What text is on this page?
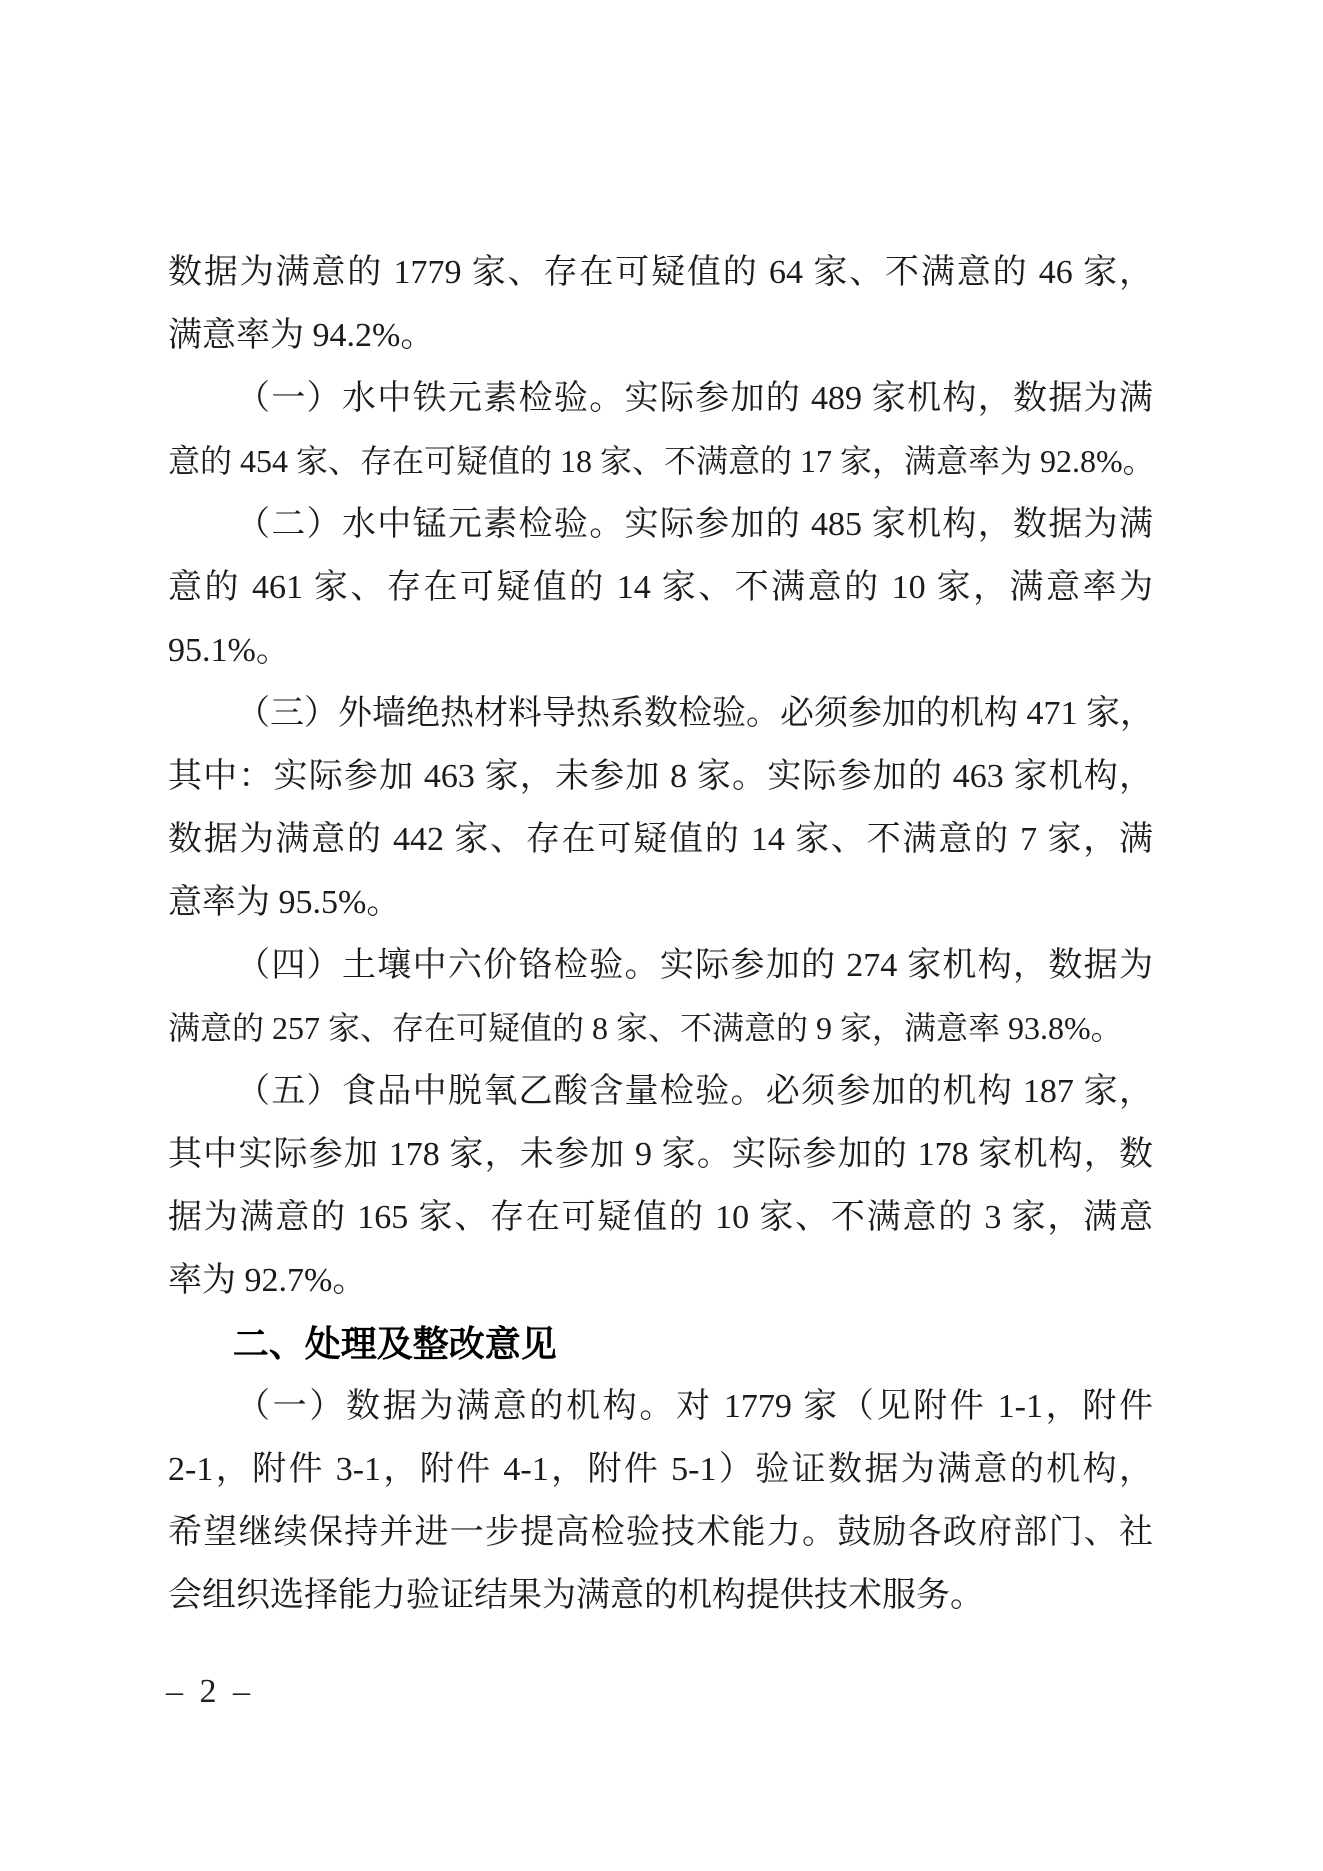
数据为满意的 1779 家、存在可疑值的 64 家、不满意的 46 家，
满意率为 94.2%。
（一）水中铁元素检验。实际参加的 489 家机构，数据为满
意的 454 家、存在可疑值的 18 家、不满意的 17 家，满意率为 92.8%。
（二）水中锰元素检验。实际参加的 485 家机构，数据为满
意的 461 家、存在可疑值的 14 家、不满意的 10 家，满意率为
95.1%。
（三）外墙绝热材料导热系数检验。必须参加的机构 471 家，
其中：实际参加 463 家，未参加 8 家。实际参加的 463 家机构，
数据为满意的 442 家、存在可疑值的 14 家、不满意的 7 家，满
意率为 95.5%。
（四）土壤中六价铬检验。实际参加的 274 家机构，数据为
满意的 257 家、存在可疑值的 8 家、不满意的 9 家，满意率 93.8%。
（五）食品中脱氧乙酸含量检验。必须参加的机构 187 家，
其中实际参加 178 家，未参加 9 家。实际参加的 178 家机构，数
据为满意的 165 家、存在可疑值的 10 家、不满意的 3 家，满意
率为 92.7%。
二、处理及整改意见
（一）数据为满意的机构。对 1779 家（见附件 1-1，附件
2-1，附件 3-1，附件 4-1，附件 5-1）验证数据为满意的机构，
希望继续保持并进一步提高检验技术能力。鼓励各政府部门、社
会组织选择能力验证结果为满意的机构提供技术服务。
– 2 –
